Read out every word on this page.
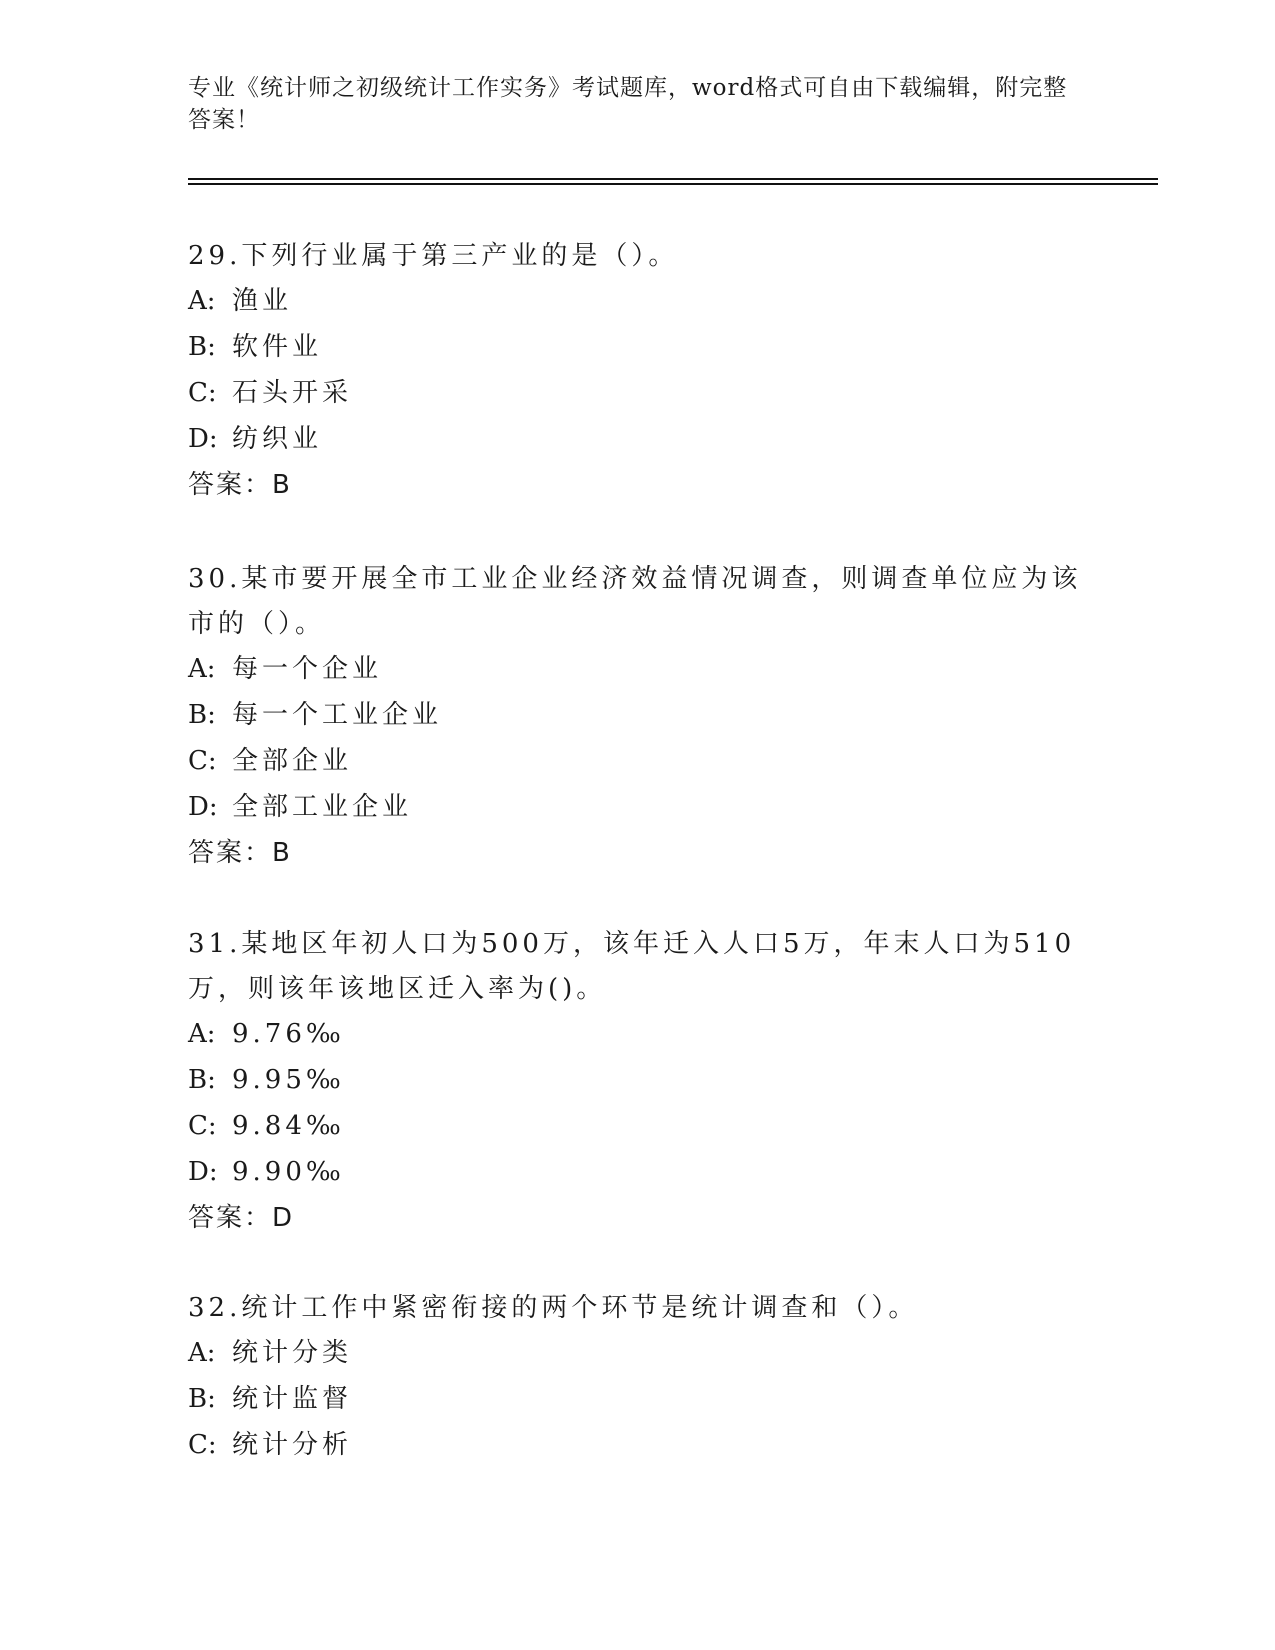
专业《统计师之初级统计工作实务》考试题库，word格式可自由下载编辑，附完整答案！

29.下列行业属于第三产业的是（）。

A: 渔业
B: 软件业
C: 石头开采
D: 纺织业
答案：B

30.某市要开展全市工业企业经济效益情况调查，则调查单位应为该市的（）。

A: 每一个企业
B: 每一个工业企业
C: 全部企业
D: 全部工业企业
答案：B

31.某地区年初人口为500万，该年迁入人口5万，年末人口为510万，则该年该地区迁入率为()。

A: 9.76‰
B: 9.95‰
C: 9.84‰
D: 9.90‰
答案：D

32.统计工作中紧密衔接的两个环节是统计调查和（）。

A: 统计分类
B: 统计监督
C: 统计分析
